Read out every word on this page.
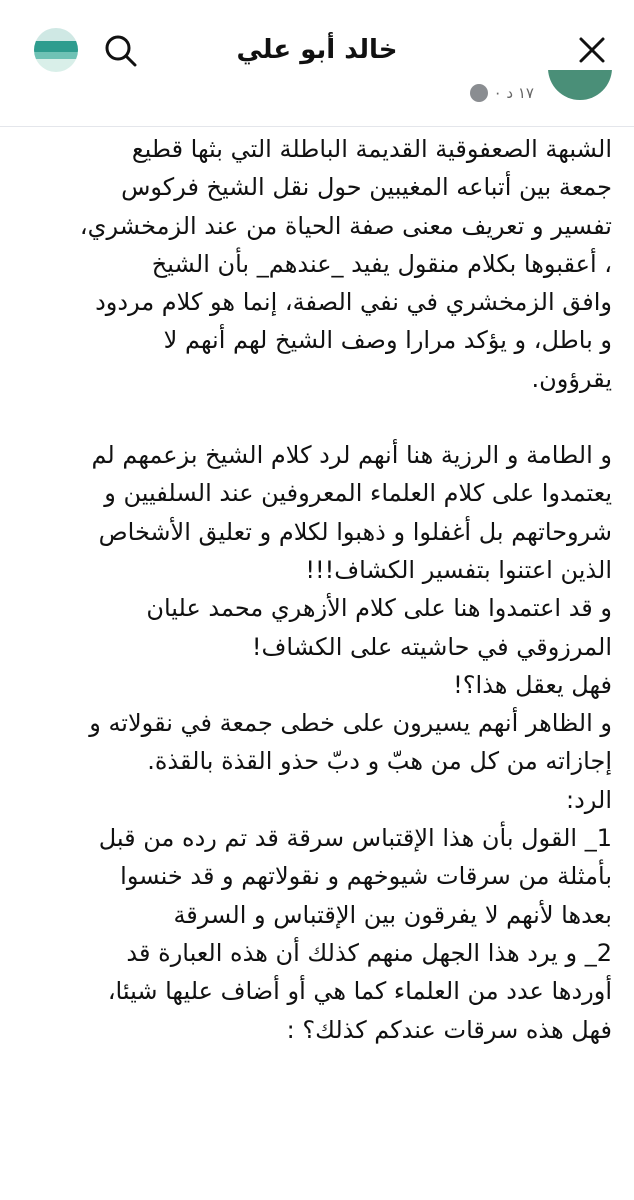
خالد أبو علي
١٧ د ٠
الشبهة الصعفوقية القديمة الباطلة التي بثها قطيع
جمعة بين أتباعه المغيبين حول نقل الشيخ فركوس
تفسير و تعريف معنى صفة الحياة من عند الزمخشري،
، أعقبوها بكلام منقول يفيد _عندهم_ بأن الشيخ
وافق الزمخشري في نفي الصفة، إنما هو كلام مردود
و باطل، و يؤكد مرارا وصف الشيخ لهم أنهم لا
يقرؤون.
و الطامة و الرزية هنا أنهم لرد كلام الشيخ بزعمهم لم
يعتمدوا على كلام العلماء المعروفين عند السلفيين و
شروحاتهم بل أغفلوا و ذهبوا لكلام و تعليق الأشخاص
الذين اعتنوا بتفسير الكشاف!!!
و قد اعتمدوا هنا على كلام الأزهري محمد عليان
المرزوقي في حاشيته على الكشاف!
فهل يعقل هذا؟!
و الظاهر أنهم يسيرون على خطى جمعة في نقولاته و
إجازاته من كل من هبّ و دبّ حذو القذة بالقذة.
الرد:
1_ القول بأن هذا الإقتباس سرقة قد تم رده من قبل
بأمثلة من سرقات شيوخهم و نقولاتهم و قد خنسوا
بعدها لأنهم لا يفرقون بين الإقتباس و السرقة
2_ و يرد هذا الجهل منهم كذلك أن هذه العبارة قد
أوردها عدد من العلماء كما هي أو أضاف عليها شيئا،
فهل هذه سرقات عندكم كذلك؟ :
